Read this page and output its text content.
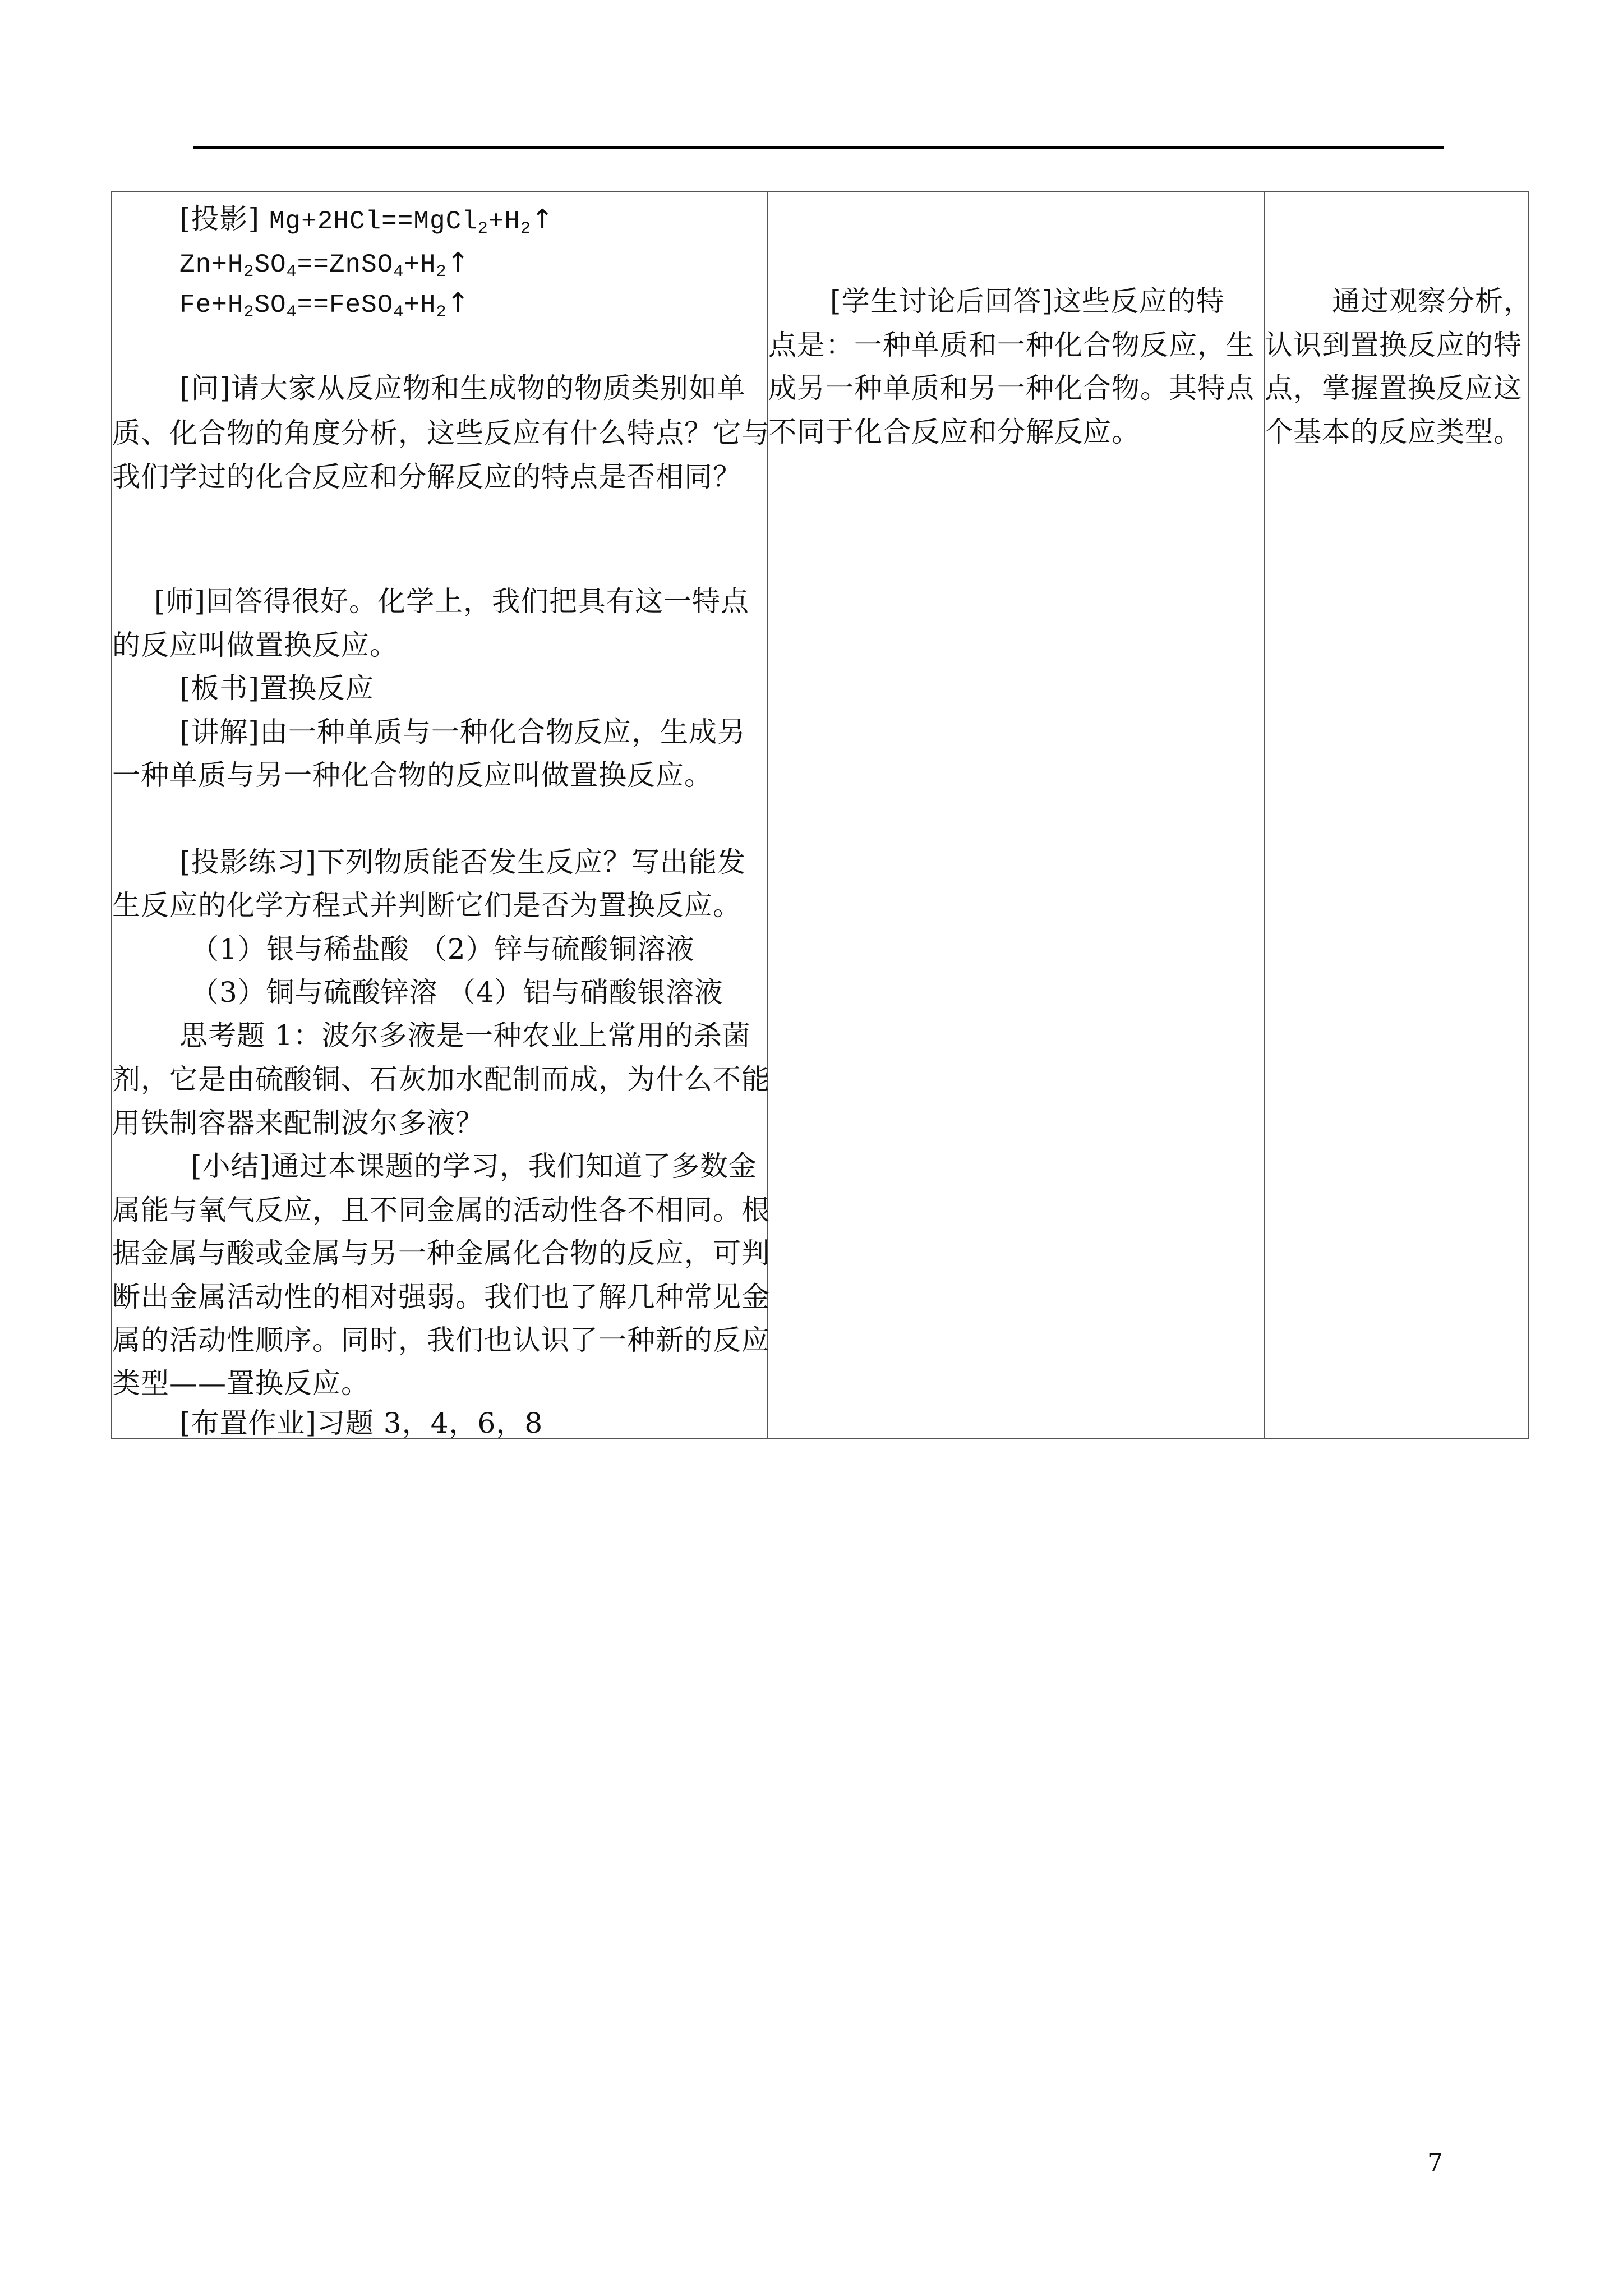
[投影] $Mg+2HCl==MgCl_2+H_2↑$
$Zn+H_2SO_4==ZnSO_4+H_2↑$
$Fe+H_2SO_4==FeSO_4+H_2↑$
[问]请大家从反应物和生成物的物质类别如单
质、化合物的角度分析，这些反应有什么特点？它与
我们学过的化合反应和分解反应的特点是否相同？
[师]回答得很好。化学上，我们把具有这一特点
的反应叫做置换反应。
[板书]置换反应
[讲解]由一种单质与一种化合物反应，生成另
一种单质与另一种化合物的反应叫做置换反应。
[投影练习]下列物质能否发生反应？写出能发
生反应的化学方程式并判断它们是否为置换反应。
（1）银与稀盐酸 （2）锌与硫酸铜溶液
（3）铜与硫酸锌溶 （4）铝与硝酸银溶液
思考题 1：波尔多液是一种农业上常用的杀菌
剂，它是由硫酸铜、石灰加水配制而成，为什么不能
用铁制容器来配制波尔多液？
[小结]通过本课题的学习，我们知道了多数金
属能与氧气反应，且不同金属的活动性各不相同。根
据金属与酸或金属与另一种金属化合物的反应，可判
断出金属活动性的相对强弱。我们也了解几种常见金
属的活动性顺序。同时，我们也认识了一种新的反应
类型——置换反应。
[布置作业]习题 3，4，6，8

[学生讨论后回答]这些反应的特
点是：一种单质和一种化合物反应，生
成另一种单质和另一种化合物。其特点
不同于化合反应和分解反应。

通过观察分析，
认识到置换反应的特
点，掌握置换反应这
个基本的反应类型。
7
